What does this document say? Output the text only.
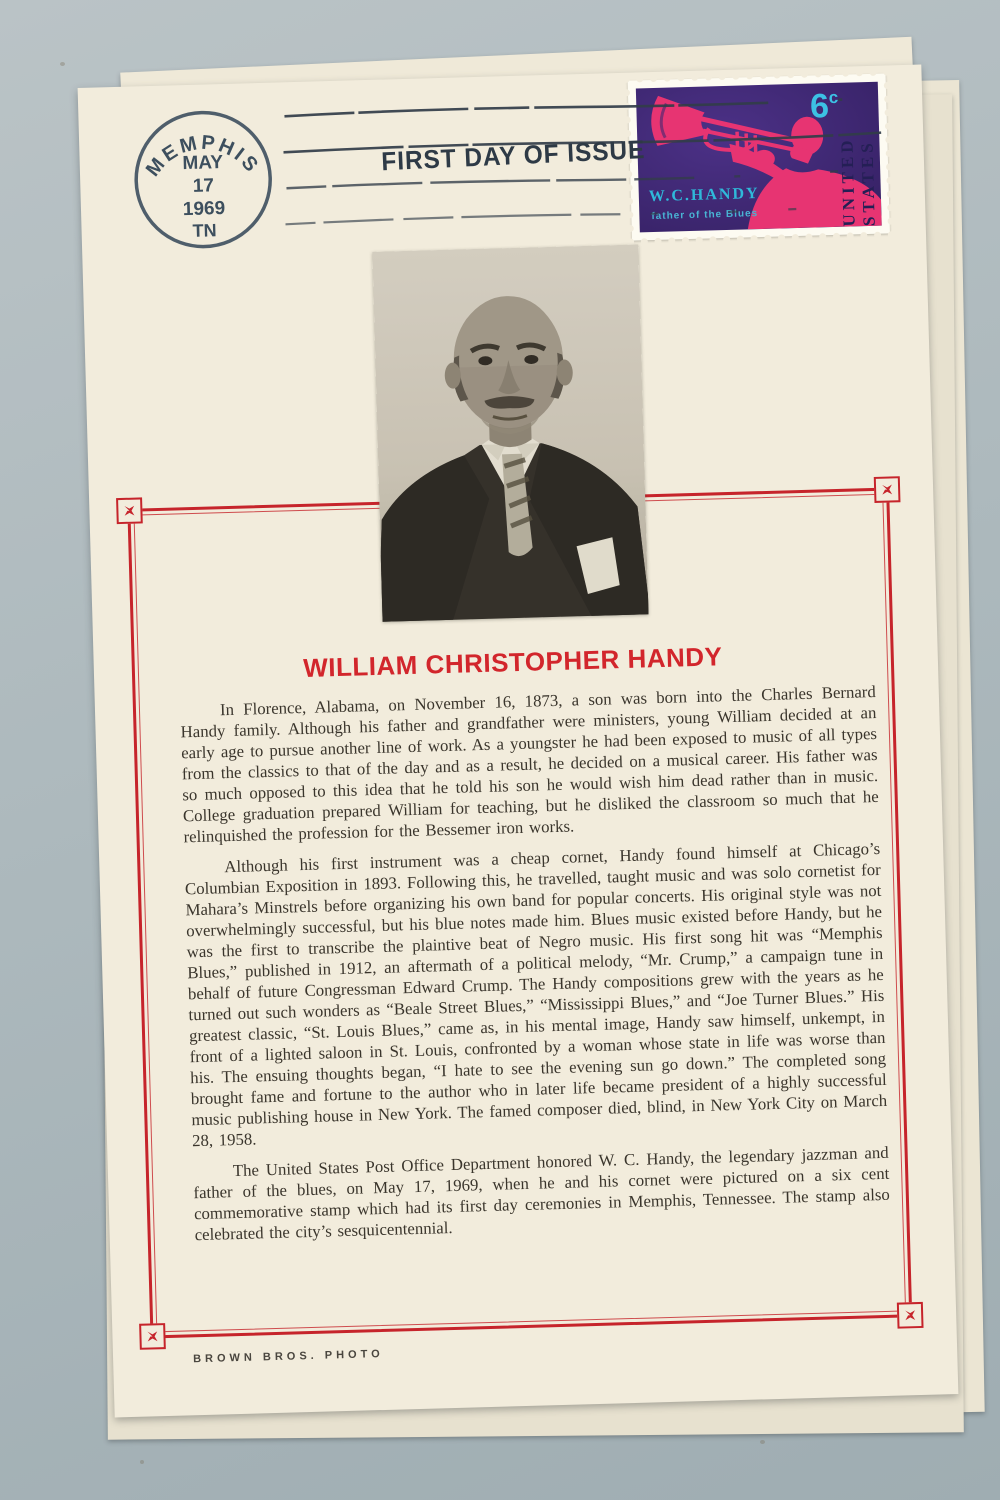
MEMPHIS
MAY
17
1969
TN
6c
UNITED STATES
W.C.HANDY
father of the Blues
FIRST DAY OF ISSUE
WILLIAM CHRISTOPHER HANDY

In Florence, Alabama, on November 16, 1873, a son was born into the Charles Bernard Handy family. Although his father and grandfather were ministers, young William decided at an early age to pursue another line of work. As a youngster he had been exposed to music of all types from the classics to that of the day and as a result, he decided on a musical career. His father was so much opposed to this idea that he told his son he would wish him dead rather than in music. College graduation prepared William for teaching, but he disliked the classroom so much that he relinquished the profession for the Bessemer iron works.

Although his first instrument was a cheap cornet, Handy found himself at Chicago’s Columbian Exposition in 1893. Following this, he travelled, taught music and was solo cornetist for Mahara’s Minstrels before organizing his own band for popular concerts. His original style was not overwhelmingly successful, but his blue notes made him. Blues music existed before Handy, but he was the first to transcribe the plaintive beat of Negro music. His first song hit was “Memphis Blues,” published in 1912, an aftermath of a political melody, “Mr. Crump,” a campaign tune in behalf of future Congressman Edward Crump. The Handy compositions grew with the years as he turned out such wonders as “Beale Street Blues,” “Mississippi Blues,” and “Joe Turner Blues.” His greatest classic, “St. Louis Blues,” came as, in his mental image, Handy saw himself, unkempt, in front of a lighted saloon in St. Louis, confronted by a woman whose state in life was worse than his. The ensuing thoughts began, “I hate to see the evening sun go down.” The completed song brought fame and fortune to the author who in later life became president of a highly successful music publishing house in New York. The famed composer died, blind, in New York City on March 28, 1958.

The United States Post Office Department honored W. C. Handy, the legendary jazzman and father of the blues, on May 17, 1969, when he and his cornet were pictured on a six cent commemorative stamp which had its first day ceremonies in Memphis, Tennessee. The stamp also celebrated the city’s sesquicentennial.

BROWN BROS. PHOTO
